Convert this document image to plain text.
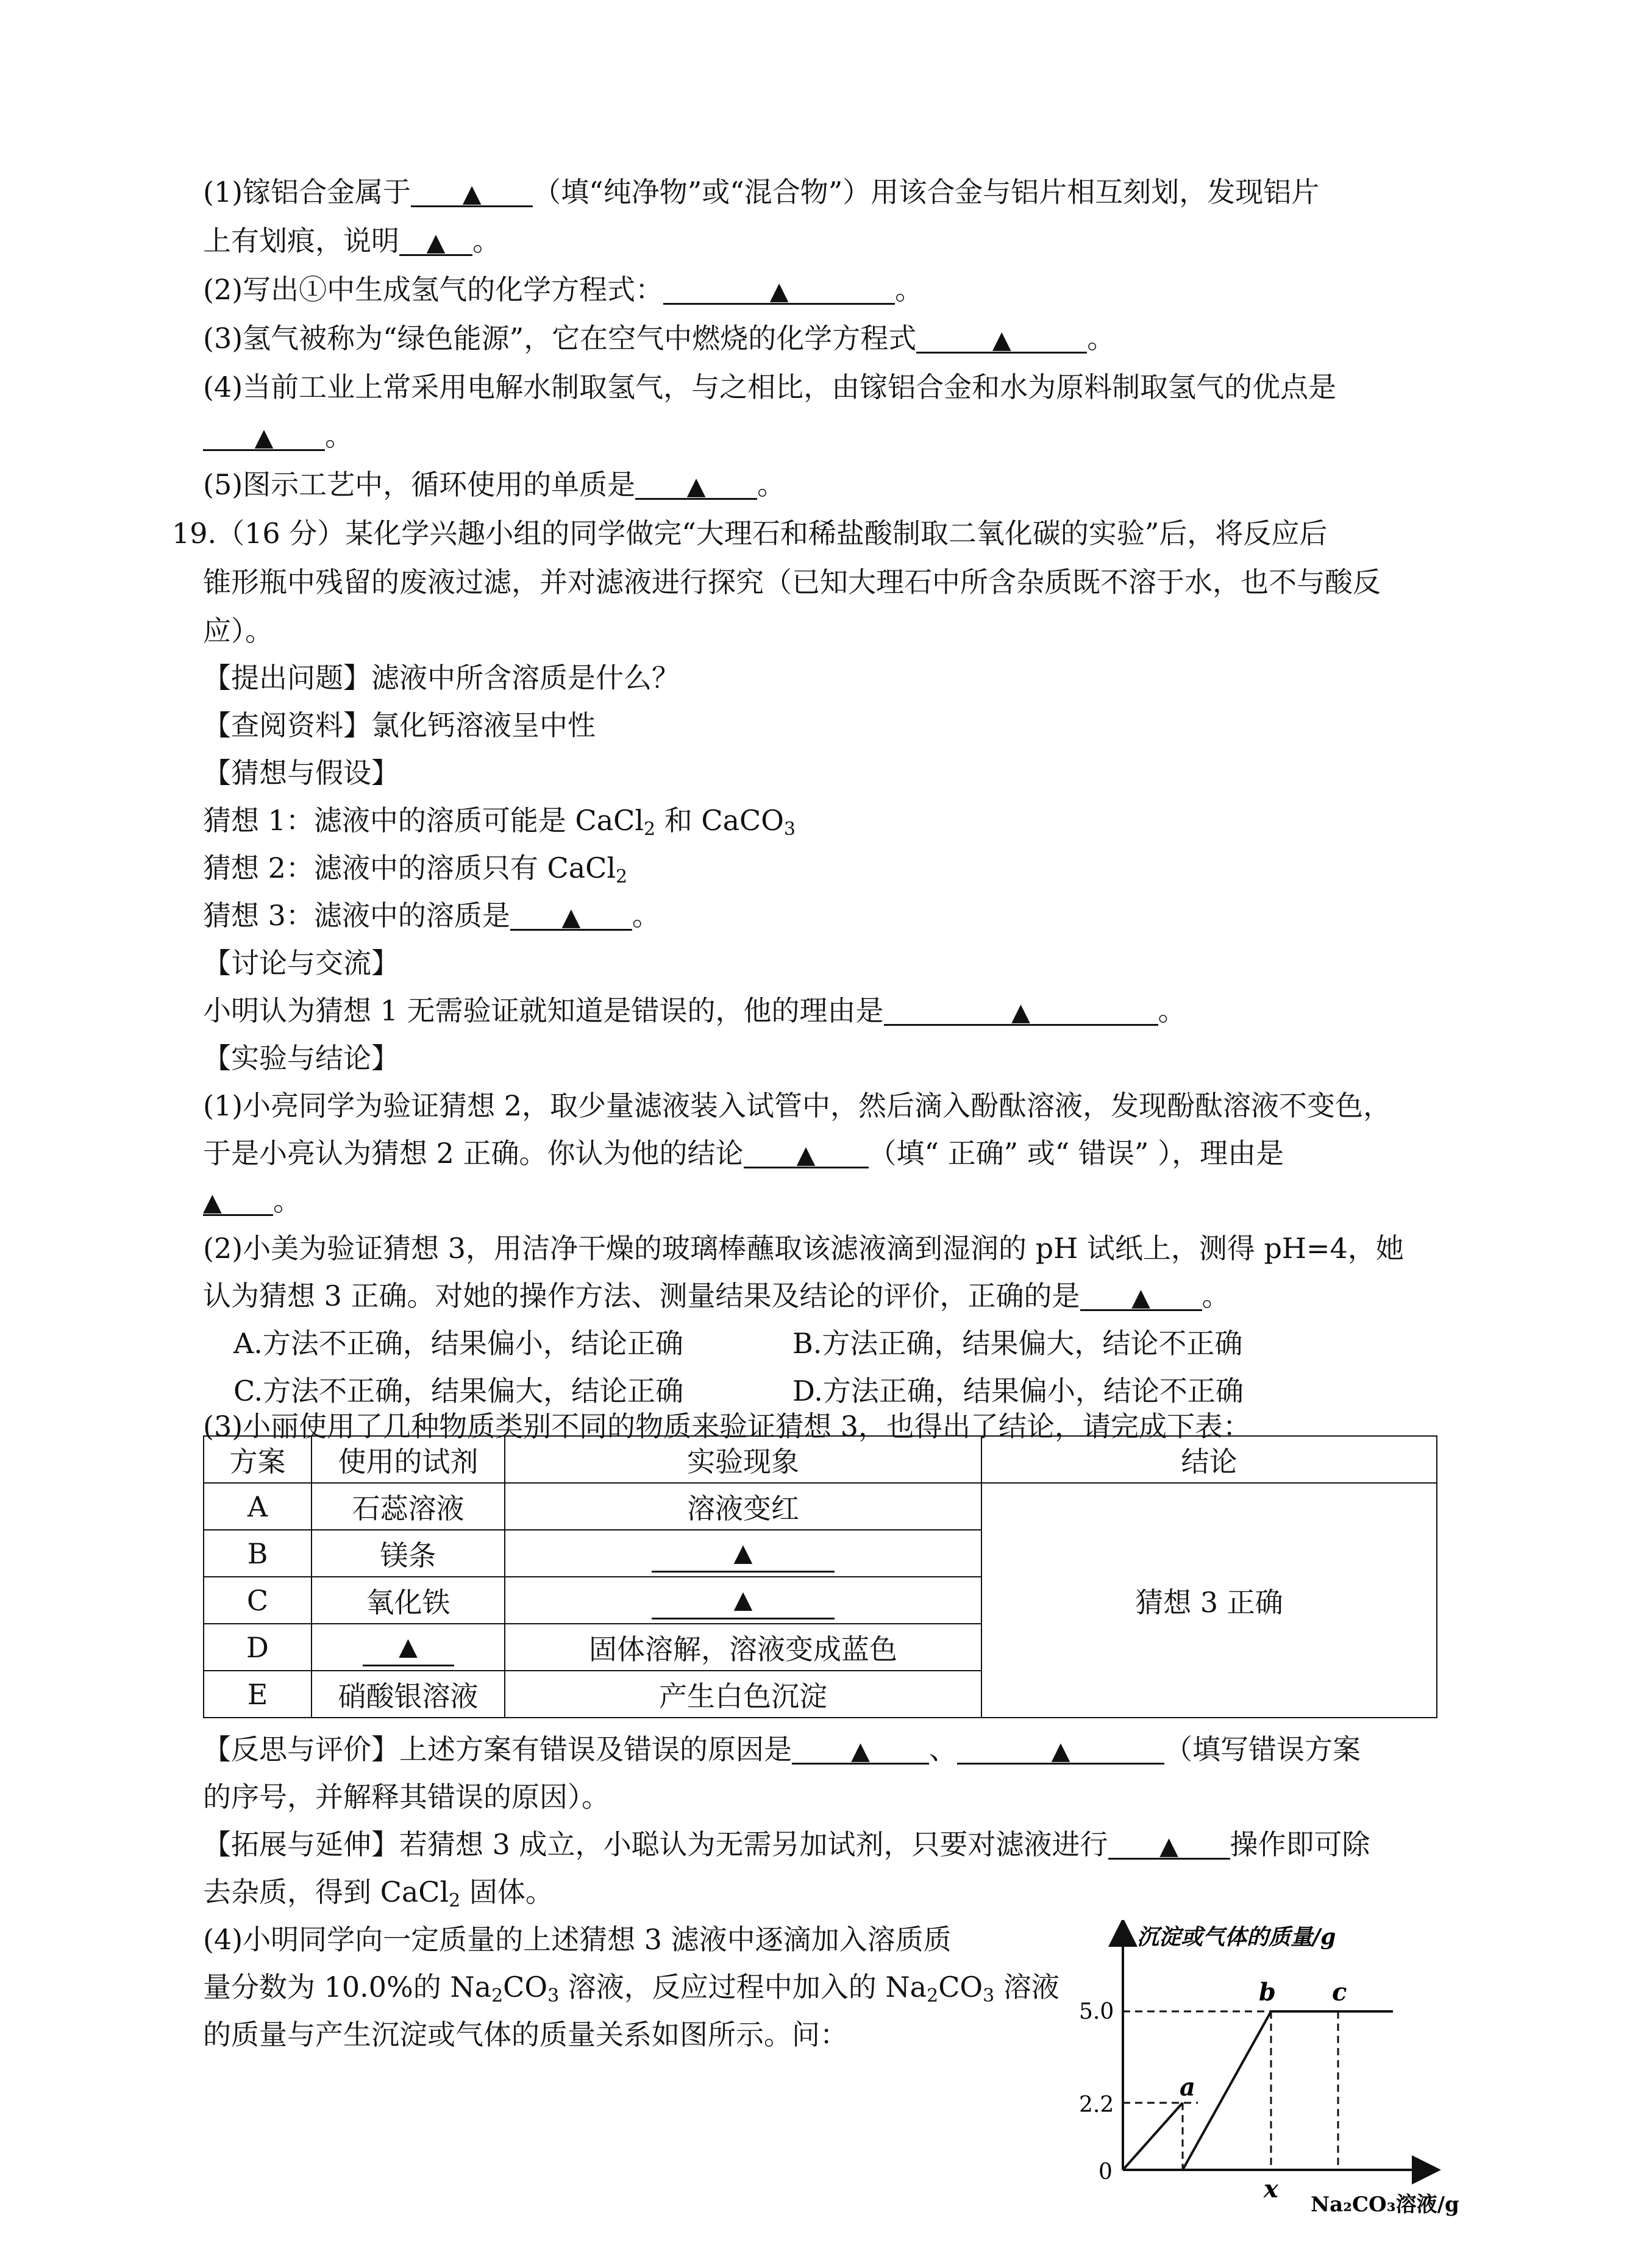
(1)镓铝合金属于 ▲ （填“纯净物”或“混合物”）用该合金与铝片相互刻划，发现铝片
上有划痕，说明 ▲ 。
(2)写出①中生成氢气的化学方程式：	▲	。
(3)氢气被称为“绿色能源”，它在空气中燃烧的化学方程式	▲	。
(4)当前工业上常采用电解水制取氢气，与之相比，由镓铝合金和水为原料制取氢气的优点是
▲ 。
(5)图示工艺中，循环使用的单质是 ▲ 。
19.（16 分）某化学兴趣小组的同学做完“大理石和稀盐酸制取二氧化碳的实验”后，将反应后
锥形瓶中残留的废液过滤，并对滤液进行探究（已知大理石中所含杂质既不溶于水，也不与酸反
应）。
【提出问题】滤液中所含溶质是什么？
【查阅资料】氯化钙溶液呈中性
【猜想与假设】
猜想 1：滤液中的溶质可能是 CaCl$_2$ 和 CaCO$_3$
猜想 2：滤液中的溶质只有 CaCl$_2$
猜想 3：滤液中的溶质是 ▲ 。
【讨论与交流】
小明认为猜想 1 无需验证就知道是错误的，他的理由是	▲	。
【实验与结论】
(1)小亮同学为验证猜想 2，取少量滤液装入试管中，然后滴入酚酞溶液，发现酚酞溶液不变色，
于是小亮认为猜想 2 正确。你认为他的结论 ▲ （填“ 正确” 或“ 错误” ），理由是
▲ 。
(2)小美为验证猜想 3，用洁净干燥的玻璃棒蘸取该滤液滴到湿润的 pH 试纸上，测得 pH=4，她
认为猜想 3 正确。对她的操作方法、测量结果及结论的评价，正确的是 ▲ 。
A.方法不正确，结果偏小，结论正确	B.方法正确，结果偏大，结论不正确
C.方法不正确，结果偏大，结论正确	D.方法正确，结果偏小，结论不正确
(3)小丽使用了几种物质类别不同的物质来验证猜想 3，也得出了结论，请完成下表：
方案	使用的试剂	实验现象	结论
A	石蕊溶液	溶液变红	猜想 3 正确
B	镁条	▲	
C	氧化铁	▲	
D	▲	固体溶解，溶液变成蓝色	
E	硝酸银溶液	产生白色沉淀	
【反思与评价】上述方案有错误及错误的原因是 ▲ 、	▲	（填写错误方案
的序号，并解释其错误的原因）。
【拓展与延伸】若猜想 3 成立，小聪认为无需另加试剂，只要对滤液进行 ▲ 操作即可除
去杂质，得到 CaCl$_2$ 固体。
(4)小明同学向一定质量的上述猜想 3 滤液中逐滴加入溶质质
量分数为 10.0%的 $Na_2CO_3$ 溶液，反应过程中加入的 $Na_2CO_3$ 溶液
的质量与产生沉淀或气体的质量关系如图所示。问：
沉淀或气体的质量/g
Na₂CO₃溶液/g
5.0
2.2
0
a
b c
x
